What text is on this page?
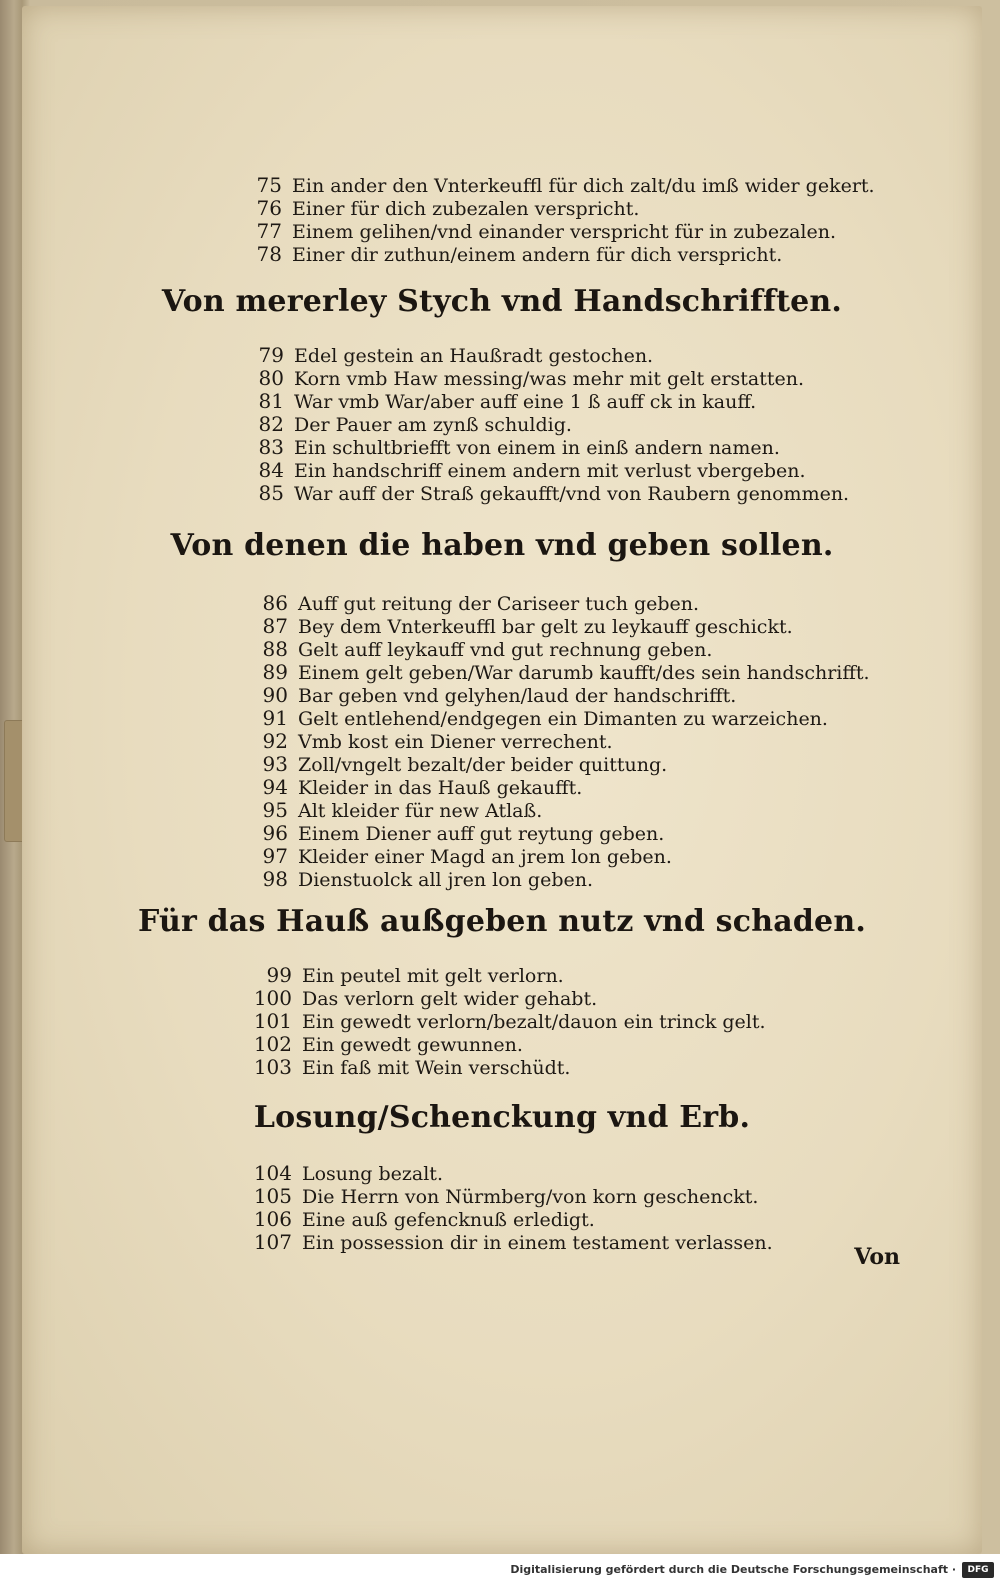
75 Ein ander den Vnterkeuffl für dich zalt/du imß wider gekert.
76 Einer für dich zubezalen verspricht.
77 Einem gelihen/vnd einander verspricht für in zubezalen.
78 Einer dir zuthun/einem andern für dich verspricht.
Von mererley Stych vnd Handschrifften.
79 Edel gestein an Haußradt gestochen.
80 Korn vmb Haw messing/was mehr mit gelt erstatten.
81 War vmb War/aber auff eine 1 ß auff ck in kauff.
82 Der Pauer am zynß schuldig.
83 Ein schultbriefft von einem in einß andern namen.
84 Ein handschriff einem andern mit verlust vbergeben.
85 War auff der Straß gekaufft/vnd von Raubern genommen.
Von denen die haben vnd geben sollen.
86 Auff gut reitung der Cariseer tuch geben.
87 Bey dem Vnterkeuffl bar gelt zu leykauff geschickt.
88 Gelt auff leykauff vnd gut rechnung geben.
89 Einem gelt geben/War darumb kaufft/des sein handschrifft.
90 Bar geben vnd gelyhen/laud der handschrifft.
91 Gelt entlehend/endgegen ein Dimanten zu warzeichen.
92 Vmb kost ein Diener verrechent.
93 Zoll/vngelt bezalt/der beider quittung.
94 Kleider in das Hauß gekaufft.
95 Alt kleider für new Atlaß.
96 Einem Diener auff gut reytung geben.
97 Kleider einer Magd an jrem lon geben.
98 Dienstuolck all jren lon geben.
Für das Hauß außgeben nutz vnd schaden.
99 Ein peutel mit gelt verlorn.
100 Das verlorn gelt wider gehabt.
101 Ein gewedt verlorn/bezalt/dauon ein trinck gelt.
102 Ein gewedt gewunnen.
103 Ein faß mit Wein verschüdt.
Losung/Schenckung vnd Erb.
104 Losung bezalt.
105 Die Herrn von Nürmberg/von korn geschenckt.
106 Eine auß gefencknuß erledigt.
107 Ein possession dir in einem testament verlassen.
Von
Digitalisierung gefördert durch die Deutsche Forschungsgemeinschaft ·	DFG
